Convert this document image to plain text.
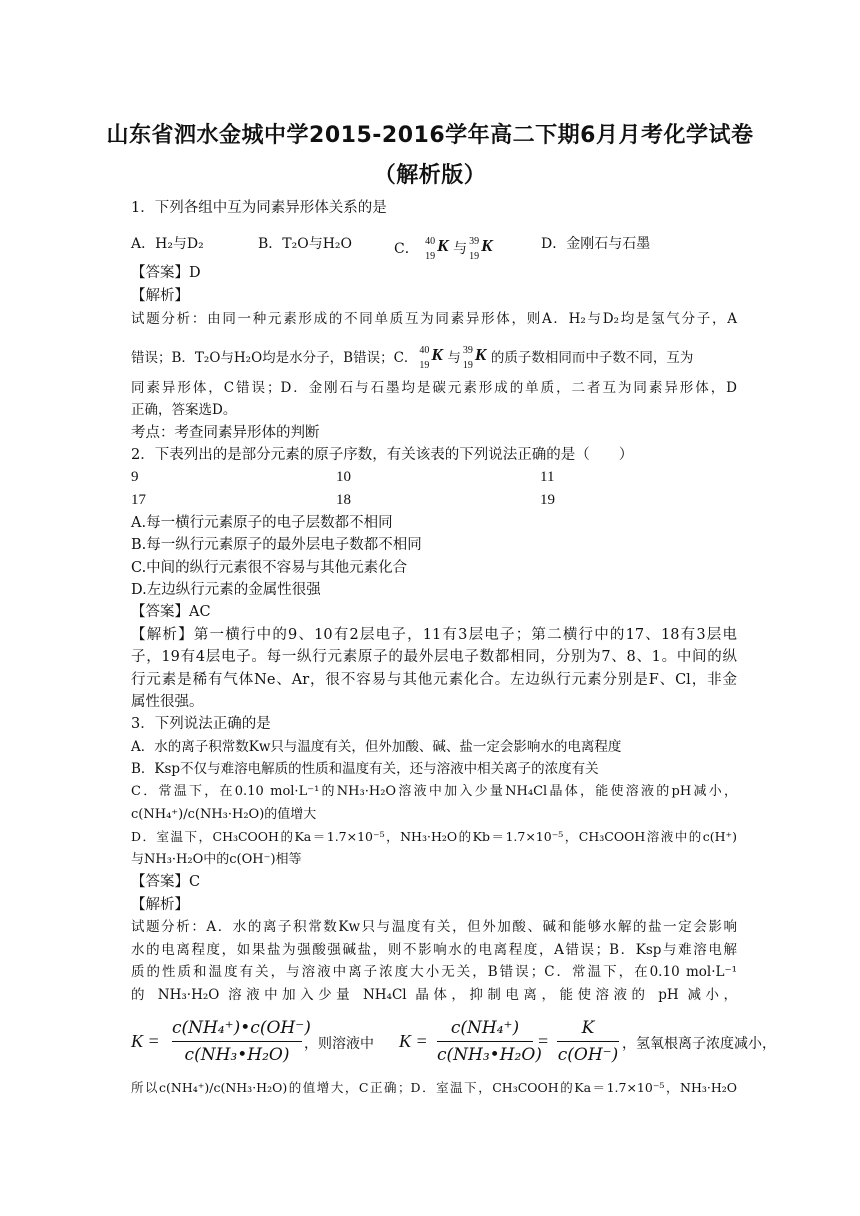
山东省泗水金城中学2015-2016学年高二下期6月月考化学试卷
（解析版）
1．下列各组中互为同素异形体关系的是
A．H₂与D₂	B．T₂O与H₂O	C． 40
19
K 与 39
19
K	D．金刚石与石墨
【答案】D
【解析】
试题分析：由同一种元素形成的不同单质互为同素异形体，则A．H₂与D₂均是氢气分子，A
错误；B．T₂O与H₂O均是水分子，B错误；C． 40
19
K 与 39
19
K 的质子数相同而中子数不同，互为
同素异形体，C错误；D．金刚石与石墨均是碳元素形成的单质，二者互为同素异形体，D
正确，答案选D。
考点：考查同素异形体的判断
2．下表列出的是部分元素的原子序数，有关该表的下列说法正确的是（　　）
9	10	11
17	18	19
A.每一横行元素原子的电子层数都不相同
B.每一纵行元素原子的最外层电子数都不相同
C.中间的纵行元素很不容易与其他元素化合
D.左边纵行元素的金属性很强
【答案】AC
【解析】第一横行中的9、10有2层电子，11有3层电子；第二横行中的17、18有3层电
子，19有4层电子。每一纵行元素原子的最外层电子数都相同，分别为7、8、1。中间的纵
行元素是稀有气体Ne、Ar，很不容易与其他元素化合。左边纵行元素分别是F、Cl，非金
属性很强。
3．下列说法正确的是
A．水的离子积常数Kw只与温度有关，但外加酸、碱、盐一定会影响水的电离程度
B．Ksp不仅与难溶电解质的性质和温度有关，还与溶液中相关离子的浓度有关
C．常温下，在0.10 mol·L⁻¹的NH₃·H₂O溶液中加入少量NH₄Cl晶体，能使溶液的pH减小，
c(NH₄⁺)/c(NH₃·H₂O)的值增大
D．室温下，CH₃COOH的Ka＝1.7×10⁻⁵，NH₃·H₂O的Kb＝1.7×10⁻⁵，CH₃COOH溶液中的c(H⁺)
与NH₃·H₂O中的c(OH⁻)相等
【答案】C
【解析】
试题分析：A．水的离子积常数Kw只与温度有关，但外加酸、碱和能够水解的盐一定会影响
水的电离程度，如果盐为强酸强碱盐，则不影响水的电离程度，A错误；B．Ksp与难溶电解
质的性质和温度有关，与溶液中离子浓度大小无关，B错误；C．常温下，在0.10 mol·L⁻¹
的 NH₃·H₂O 溶液中加入少量 NH₄Cl 晶体，抑制电离，能使溶液的 pH 减小，
K =
c(NH₄⁺)•c(OH⁻)
c(NH₃•H₂O)
，则溶液中 K =
c(NH₄⁺)
c(NH₃•H₂O)
=
K
c(OH⁻)
，氢氧根离子浓度减小，
所以c(NH₄⁺)/c(NH₃·H₂O)的值增大，C正确；D．室温下，CH₃COOH的Ka＝1.7×10⁻⁵，NH₃·H₂O
